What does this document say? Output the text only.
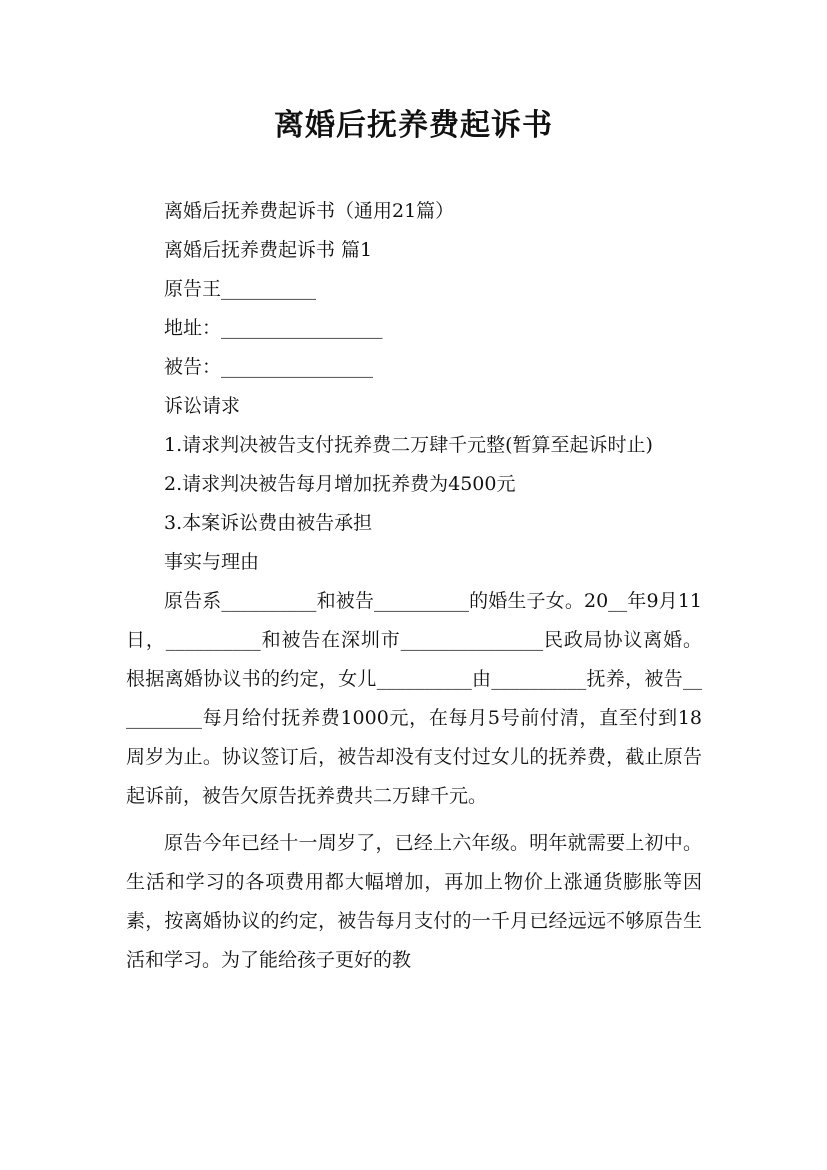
离婚后抚养费起诉书

离婚后抚养费起诉书（通用21篇）

离婚后抚养费起诉书 篇1

原告王__________

地址：_________________

被告：________________

诉讼请求

1.请求判决被告支付抚养费二万肆千元整(暂算至起诉时止)

2.请求判决被告每月增加抚养费为4500元

3.本案诉讼费由被告承担

事实与理由

原告系__________和被告__________的婚生子女。20__年9月11日，__________和被告在深圳市_______________民政局协议离婚。根据离婚协议书的约定，女儿__________由__________抚养，被告__________每月给付抚养费1000元，在每月5号前付清，直至付到18周岁为止。协议签订后，被告却没有支付过女儿的抚养费，截止原告起诉前，被告欠原告抚养费共二万肆千元。

原告今年已经十一周岁了，已经上六年级。明年就需要上初中。生活和学习的各项费用都大幅增加，再加上物价上涨通货膨胀等因素，按离婚协议的约定，被告每月支付的一千月已经远远不够原告生活和学习。为了能给孩子更好的教
